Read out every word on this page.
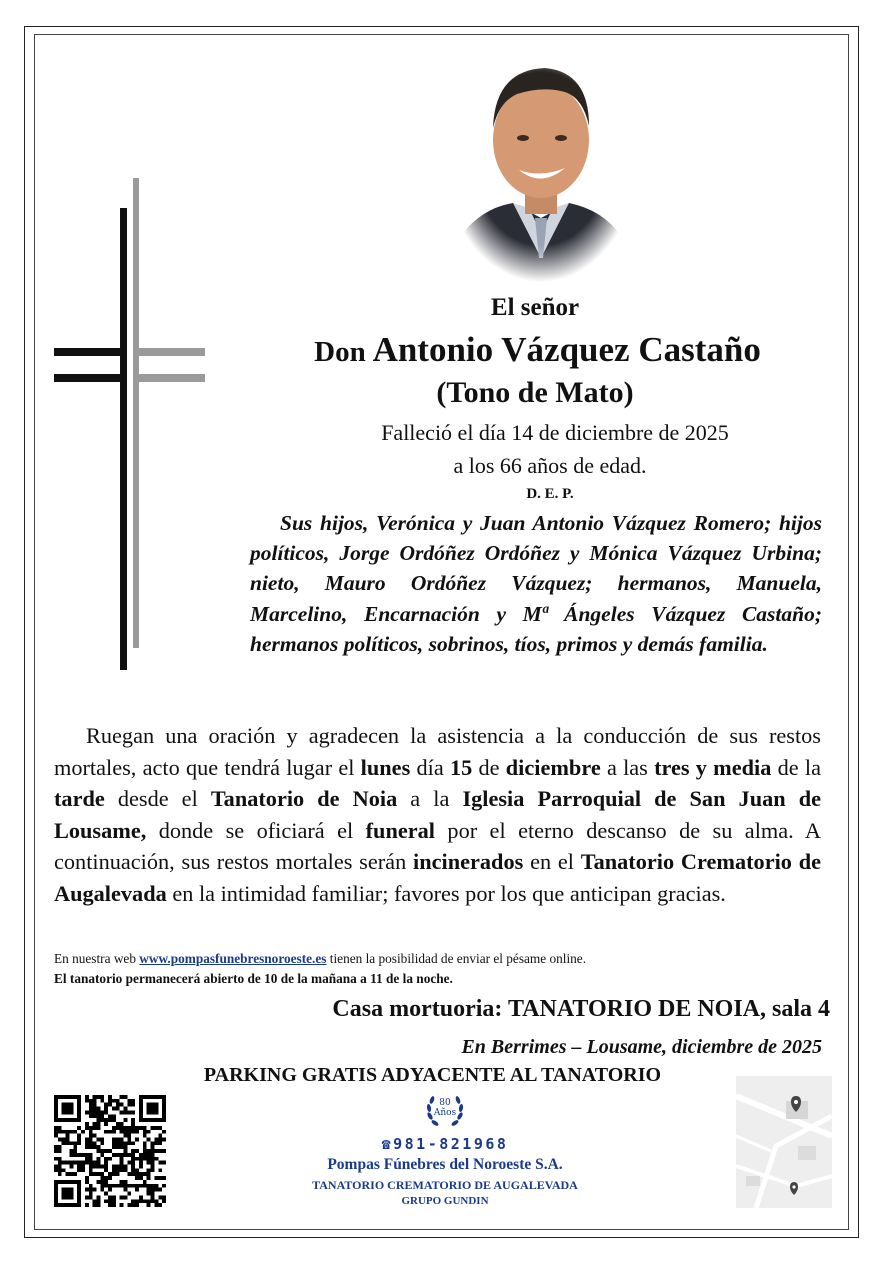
El señor

Don Antonio Vázquez Castaño

(Tono de Mato)

Falleció el día 14 de diciembre de 2025

a los 66 años de edad.

D. E. P.

Sus hijos, Verónica y Juan Antonio Vázquez Romero; hijos políticos, Jorge Ordóñez Ordóñez y Mónica Vázquez Urbina; nieto, Mauro Ordóñez Vázquez; hermanos, Manuela, Marcelino, Encarnación y Mª Ángeles Vázquez Castaño; hermanos políticos, sobrinos, tíos, primos y demás familia.

Ruegan una oración y agradecen la asistencia a la conducción de sus restos mortales, acto que tendrá lugar el lunes día 15 de diciembre a las tres y media de la tarde desde el Tanatorio de Noia a la Iglesia Parroquial de San Juan de Lousame, donde se oficiará el funeral por el eterno descanso de su alma. A continuación, sus restos mortales serán incinerados en el Tanatorio Crematorio de Augalevada en la intimidad familiar; favores por los que anticipan gracias.

En nuestra web www.pompasfunebresnoroeste.es tienen la posibilidad de enviar el pésame online.
El tanatorio permanecerá abierto de 10 de la mañana a 11 de la noche.

Casa mortuoria: TANATORIO DE NOIA, sala 4

En Berrimes – Lousame, diciembre de 2025

PARKING GRATIS ADYACENTE AL TANATORIO

80
Años

☎981-821968

Pompas Fúnebres del Noroeste S.A.

TANATORIO CREMATORIO DE AUGALEVADA

GRUPO GUNDIN
